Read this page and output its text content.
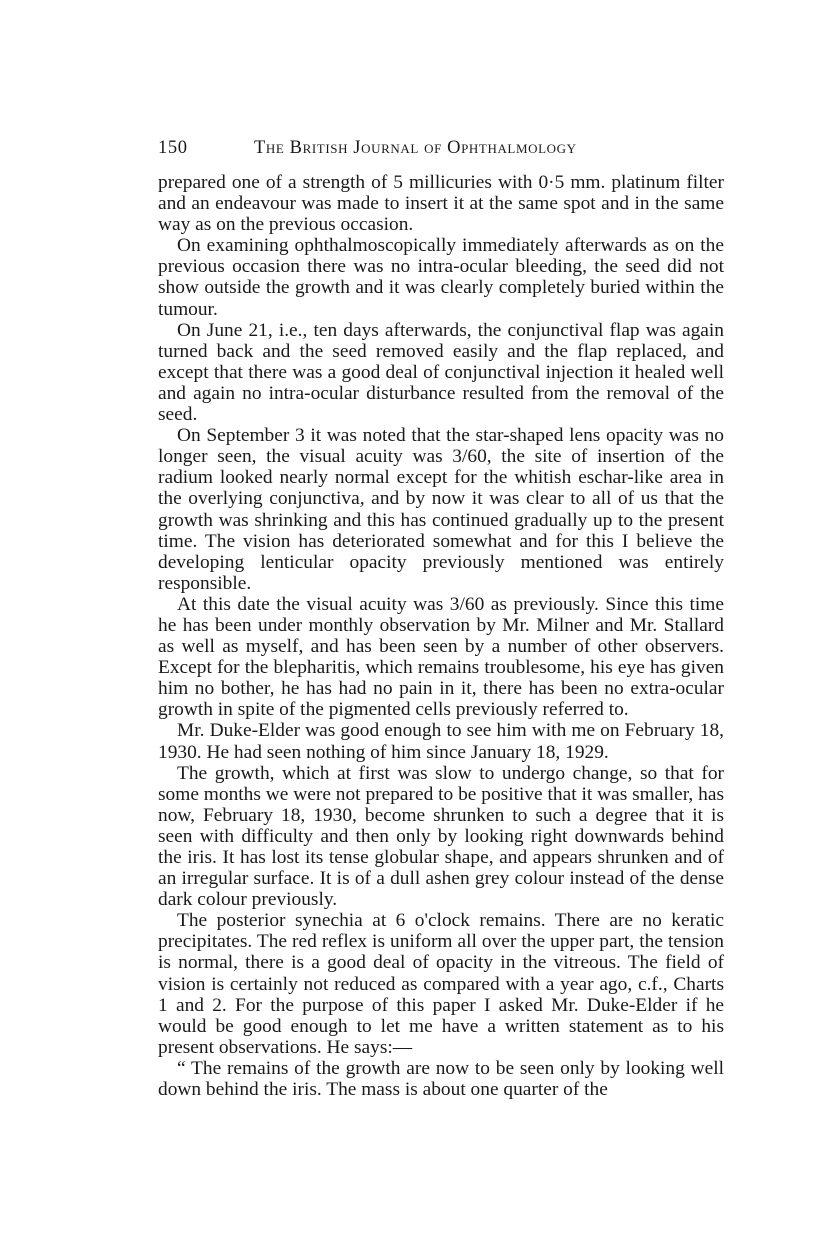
150	The British Journal of Ophthalmology

prepared one of a strength of 5 millicuries with 0·5 mm. platinum filter and an endeavour was made to insert it at the same spot and in the same way as on the previous occasion.

On examining ophthalmoscopically immediately afterwards as on the previous occasion there was no intra-ocular bleeding, the seed did not show outside the growth and it was clearly completely buried within the tumour.

On June 21, i.e., ten days afterwards, the conjunctival flap was again turned back and the seed removed easily and the flap replaced, and except that there was a good deal of conjunctival injection it healed well and again no intra-ocular disturbance resulted from the removal of the seed.

On September 3 it was noted that the star-shaped lens opacity was no longer seen, the visual acuity was 3/60, the site of insertion of the radium looked nearly normal except for the whitish eschar-like area in the overlying conjunctiva, and by now it was clear to all of us that the growth was shrinking and this has continued gradually up to the present time. The vision has deteriorated somewhat and for this I believe the developing lenticular opacity previously mentioned was entirely responsible.

At this date the visual acuity was 3/60 as previously. Since this time he has been under monthly observation by Mr. Milner and Mr. Stallard as well as myself, and has been seen by a number of other observers. Except for the blepharitis, which remains troublesome, his eye has given him no bother, he has had no pain in it, there has been no extra-ocular growth in spite of the pigmented cells previously referred to.

Mr. Duke-Elder was good enough to see him with me on February 18, 1930. He had seen nothing of him since January 18, 1929.

The growth, which at first was slow to undergo change, so that for some months we were not prepared to be positive that it was smaller, has now, February 18, 1930, become shrunken to such a degree that it is seen with difficulty and then only by looking right downwards behind the iris. It has lost its tense globular shape, and appears shrunken and of an irregular surface. It is of a dull ashen grey colour instead of the dense dark colour previously.

The posterior synechia at 6 o'clock remains. There are no keratic precipitates. The red reflex is uniform all over the upper part, the tension is normal, there is a good deal of opacity in the vitreous. The field of vision is certainly not reduced as compared with a year ago, c.f., Charts 1 and 2. For the purpose of this paper I asked Mr. Duke-Elder if he would be good enough to let me have a written statement as to his present observations. He says:—

“ The remains of the growth are now to be seen only by looking well down behind the iris. The mass is about one quarter of the
